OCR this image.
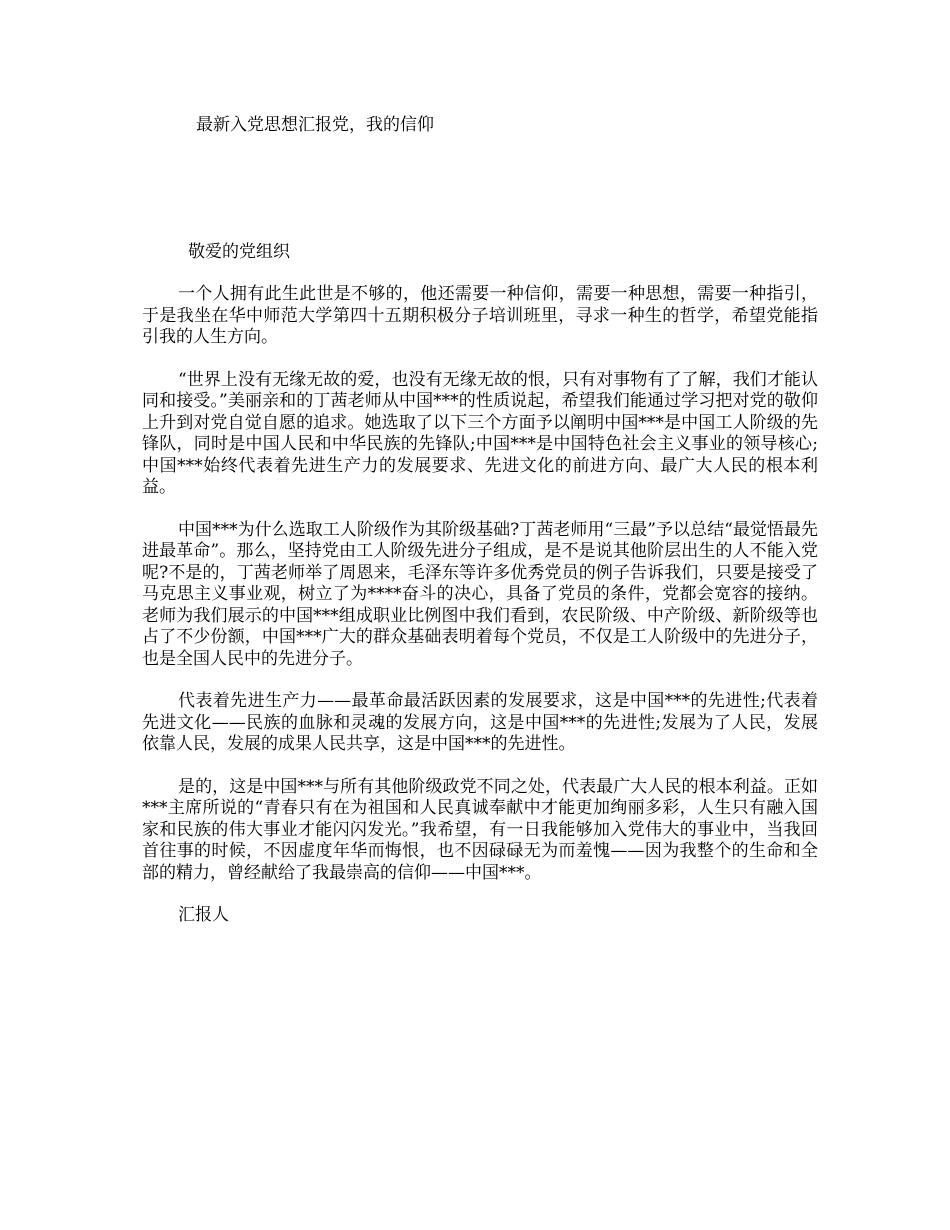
最新入党思想汇报党，我的信仰
敬爱的党组织

一个人拥有此生此世是不够的，他还需要一种信仰，需要一种思想，需要一种指引，于是我坐在华中师范大学第四十五期积极分子培训班里，寻求一种生的哲学，希望党能指引我的人生方向。

“世界上没有无缘无故的爱，也没有无缘无故的恨，只有对事物有了了解，我们才能认同和接受。”美丽亲和的丁茜老师从中国***的性质说起，希望我们能通过学习把对党的敬仰上升到对党自觉自愿的追求。她选取了以下三个方面予以阐明中国***是中国工人阶级的先锋队，同时是中国人民和中华民族的先锋队;中国***是中国特色社会主义事业的领导核心;中国***始终代表着先进生产力的发展要求、先进文化的前进方向、最广大人民的根本利益。

中国***为什么选取工人阶级作为其阶级基础?丁茜老师用“三最”予以总结“最觉悟最先进最革命”。那么，坚持党由工人阶级先进分子组成，是不是说其他阶层出生的人不能入党呢?不是的，丁茜老师举了周恩来，毛泽东等许多优秀党员的例子告诉我们，只要是接受了马克思主义事业观，树立了为****奋斗的决心，具备了党员的条件，党都会宽容的接纳。老师为我们展示的中国***组成职业比例图中我们看到，农民阶级、中产阶级、新阶级等也占了不少份额，中国***广大的群众基础表明着每个党员，不仅是工人阶级中的先进分子，也是全国人民中的先进分子。

代表着先进生产力——最革命最活跃因素的发展要求，这是中国***的先进性;代表着先进文化——民族的血脉和灵魂的发展方向，这是中国***的先进性;发展为了人民，发展依靠人民，发展的成果人民共享，这是中国***的先进性。

是的，这是中国***与所有其他阶级政党不同之处，代表最广大人民的根本利益。正如***主席所说的“青春只有在为祖国和人民真诚奉献中才能更加绚丽多彩，人生只有融入国家和民族的伟大事业才能闪闪发光。”我希望，有一日我能够加入党伟大的事业中，当我回首往事的时候，不因虚度年华而悔恨，也不因碌碌无为而羞愧——因为我整个的生命和全部的精力，曾经献给了我最崇高的信仰——中国***。

汇报人
